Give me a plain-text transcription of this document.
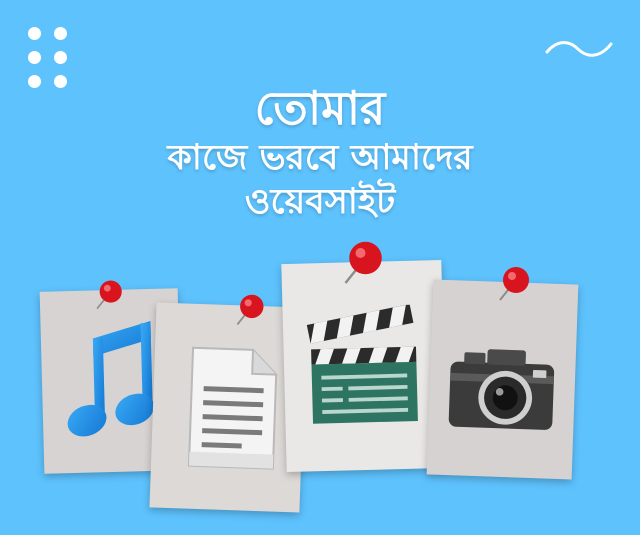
তোমার
কাজে ভরবে আমাদের
ওয়েবসাইট
